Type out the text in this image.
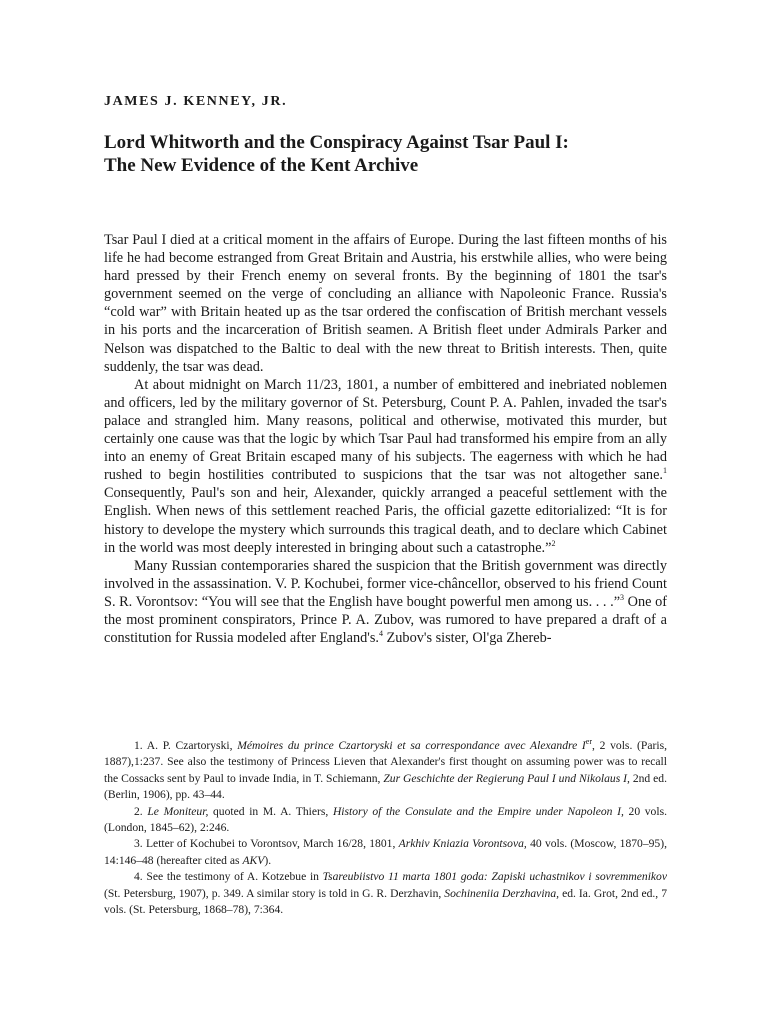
JAMES J. KENNEY, JR.
Lord Whitworth and the Conspiracy Against Tsar Paul I:
The New Evidence of the Kent Archive

Tsar Paul I died at a critical moment in the affairs of Europe. During the last fifteen months of his life he had become estranged from Great Britain and Austria, his erstwhile allies, who were being hard pressed by their French enemy on several fronts. By the beginning of 1801 the tsar's government seemed on the verge of concluding an alliance with Napoleonic France. Russia's “cold war” with Britain heated up as the tsar ordered the confiscation of British merchant vessels in his ports and the incarceration of British seamen. A British fleet under Admirals Parker and Nelson was dispatched to the Baltic to deal with the new threat to British interests. Then, quite suddenly, the tsar was dead.

At about midnight on March 11/23, 1801, a number of embittered and inebriated noblemen and officers, led by the military governor of St. Petersburg, Count P. A. Pahlen, invaded the tsar's palace and strangled him. Many reasons, political and otherwise, motivated this murder, but certainly one cause was that the logic by which Tsar Paul had transformed his empire from an ally into an enemy of Great Britain escaped many of his subjects. The eagerness with which he had rushed to begin hostilities contributed to suspicions that the tsar was not altogether sane.$^1$ Consequently, Paul's son and heir, Alexander, quickly arranged a peaceful settlement with the English. When news of this settlement reached Paris, the official gazette editorialized: “It is for history to develope the mystery which surrounds this tragical death, and to declare which Cabinet in the world was most deeply interested in bringing about such a catastrophe.”$^2$

Many Russian contemporaries shared the suspicion that the British government was directly involved in the assassination. V. P. Kochubei, former vice-châncellor, observed to his friend Count S. R. Vorontsov: “You will see that the English have bought powerful men among us. . . .”$^3$ One of the most prominent conspirators, Prince P. A. Zubov, was rumored to have prepared a draft of a constitution for Russia modeled after England's.$^4$ Zubov's sister, Ol'ga Zhereb-

1. A. P. Czartoryski, Mémoires du prince Czartoryski et sa correspondance avec Alexandre Ier, 2 vols. (Paris, 1887),1:237. See also the testimony of Princess Lieven that Alexander's first thought on assuming power was to recall the Cossacks sent by Paul to invade India, in T. Schiemann, Zur Geschichte der Regierung Paul I und Nikolaus I, 2nd ed. (Berlin, 1906), pp. 43–44.

2. Le Moniteur, quoted in M. A. Thiers, History of the Consulate and the Empire under Napoleon I, 20 vols. (London, 1845–62), 2:246.

3. Letter of Kochubei to Vorontsov, March 16/28, 1801, Arkhiv Kniazia Vorontsova, 40 vols. (Moscow, 1870–95), 14:146–48 (hereafter cited as AKV).

4. See the testimony of A. Kotzebue in Tsareubiistvo 11 marta 1801 goda: Zapiski uchastnikov i sovremmenikov (St. Petersburg, 1907), p. 349. A similar story is told in G. R. Derzhavin, Sochineniia Derzhavina, ed. Ia. Grot, 2nd ed., 7 vols. (St. Petersburg, 1868–78), 7:364.
